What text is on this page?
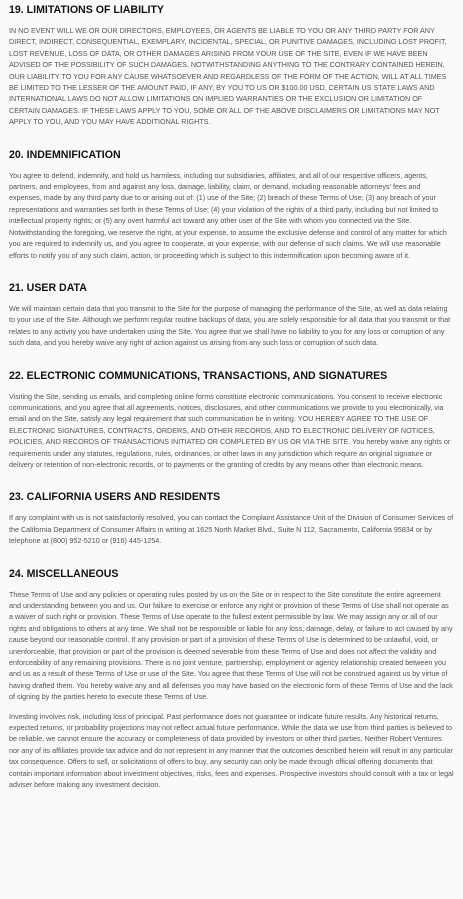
19. LIMITATIONS OF LIABILITY

IN NO EVENT WILL WE OR OUR DIRECTORS, EMPLOYEES, OR AGENTS BE LIABLE TO YOU OR ANY THIRD PARTY FOR ANY DIRECT, INDIRECT, CONSEQUENTIAL, EXEMPLARY, INCIDENTAL, SPECIAL, OR PUNITIVE DAMAGES, INCLUDING LOST PROFIT, LOST REVENUE, LOSS OF DATA, OR OTHER DAMAGES ARISING FROM YOUR USE OF THE SITE, EVEN IF WE HAVE BEEN ADVISED OF THE POSSIBILITY OF SUCH DAMAGES. NOTWITHSTANDING ANYTHING TO THE CONTRARY CONTAINED HEREIN, OUR LIABILITY TO YOU FOR ANY CAUSE WHATSOEVER AND REGARDLESS OF THE FORM OF THE ACTION, WILL AT ALL TIMES BE LIMITED TO THE LESSER OF THE AMOUNT PAID, IF ANY, BY YOU TO US OR $100.00 USD. CERTAIN US STATE LAWS AND INTERNATIONAL LAWS DO NOT ALLOW LIMITATIONS ON IMPLIED WARRANTIES OR THE EXCLUSION OR LIMITATION OF CERTAIN DAMAGES. IF THESE LAWS APPLY TO YOU, SOME OR ALL OF THE ABOVE DISCLAIMERS OR LIMITATIONS MAY NOT APPLY TO YOU, AND YOU MAY HAVE ADDITIONAL RIGHTS.

20. INDEMNIFICATION

You agree to defend, indemnify, and hold us harmless, including our subsidiaries, affiliates, and all of our respective officers, agents, partners, and employees, from and against any loss, damage, liability, claim, or demand, including reasonable attorneys' fees and expenses, made by any third party due to or arising out of: (1) use of the Site; (2) breach of these Terms of Use; (3) any breach of your representations and warranties set forth in these Terms of Use; (4) your violation of the rights of a third party, including but not limited to intellectual property rights; or (5) any overt harmful act toward any other user of the Site with whom you connected via the Site. Notwithstanding the foregoing, we reserve the right, at your expense, to assume the exclusive defense and control of any matter for which you are required to indemnify us, and you agree to cooperate, at your expense, with our defense of such claims. We will use reasonable efforts to notify you of any such claim, action, or proceeding which is subject to this indemnification upon becoming aware of it.

21. USER DATA

We will maintain certain data that you transmit to the Site for the purpose of managing the performance of the Site, as well as data relating to your use of the Site. Although we perform regular routine backups of data, you are solely responsible for all data that you transmit or that relates to any activity you have undertaken using the Site. You agree that we shall have no liability to you for any loss or corruption of any such data, and you hereby waive any right of action against us arising from any such loss or corruption of such data.

22. ELECTRONIC COMMUNICATIONS, TRANSACTIONS, AND SIGNATURES

Visiting the Site, sending us emails, and completing online forms constitute electronic communications. You consent to receive electronic communications, and you agree that all agreements, notices, disclosures, and other communications we provide to you electronically, via email and on the Site, satisfy any legal requirement that such communication be in writing. YOU HEREBY AGREE TO THE USE OF ELECTRONIC SIGNATURES, CONTRACTS, ORDERS, AND OTHER RECORDS, AND TO ELECTRONIC DELIVERY OF NOTICES, POLICIES, AND RECORDS OF TRANSACTIONS INITIATED OR COMPLETED BY US OR VIA THE SITE. You hereby waive any rights or requirements under any statutes, regulations, rules, ordinances, or other laws in any jurisdiction which require an original signature or delivery or retention of non-electronic records, or to payments or the granting of credits by any means other than electronic means.

23. CALIFORNIA USERS AND RESIDENTS

If any complaint with us is not satisfactorily resolved, you can contact the Complaint Assistance Unit of the Division of Consumer Services of the California Department of Consumer Affairs in writing at 1625 North Market Blvd., Suite N 112, Sacramento, California 95834 or by telephone at (800) 952-5210 or (916) 445-1254.

24. MISCELLANEOUS

These Terms of Use and any policies or operating rules posted by us on the Site or in respect to the Site constitute the entire agreement and understanding between you and us. Our failure to exercise or enforce any right or provision of these Terms of Use shall not operate as a waiver of such right or provision. These Terms of Use operate to the fullest extent permissible by law. We may assign any or all of our rights and obligations to others at any time. We shall not be responsible or liable for any loss, damage, delay, or failure to act caused by any cause beyond our reasonable control. If any provision or part of a provision of these Terms of Use is determined to be unlawful, void, or unenforceable, that provision or part of the provision is deemed severable from these Terms of Use and does not affect the validity and enforceability of any remaining provisions. There is no joint venture, partnership, employment or agency relationship created between you and us as a result of these Terms of Use or use of the Site. You agree that these Terms of Use will not be construed against us by virtue of having drafted them. You hereby waive any and all defenses you may have based on the electronic form of these Terms of Use and the lack of signing by the parties hereto to execute these Terms of Use.

Investing involves risk, including loss of principal. Past performance does not guarantee or indicate future results. Any historical returns, expected returns, or probability projections may not reflect actual future performance. While the data we use from third parties is believed to be reliable, we cannot ensure the accuracy or completeness of data provided by investors or other third parties. Neither Robert Ventures nor any of its affiliates provide tax advice and do not represent in any manner that the outcomes described herein will result in any particular tax consequence. Offers to sell, or solicitations of offers to buy, any security can only be made through official offering documents that contain important information about investment objectives, risks, fees and expenses. Prospective investors should consult with a tax or legal adviser before making any investment decision.
